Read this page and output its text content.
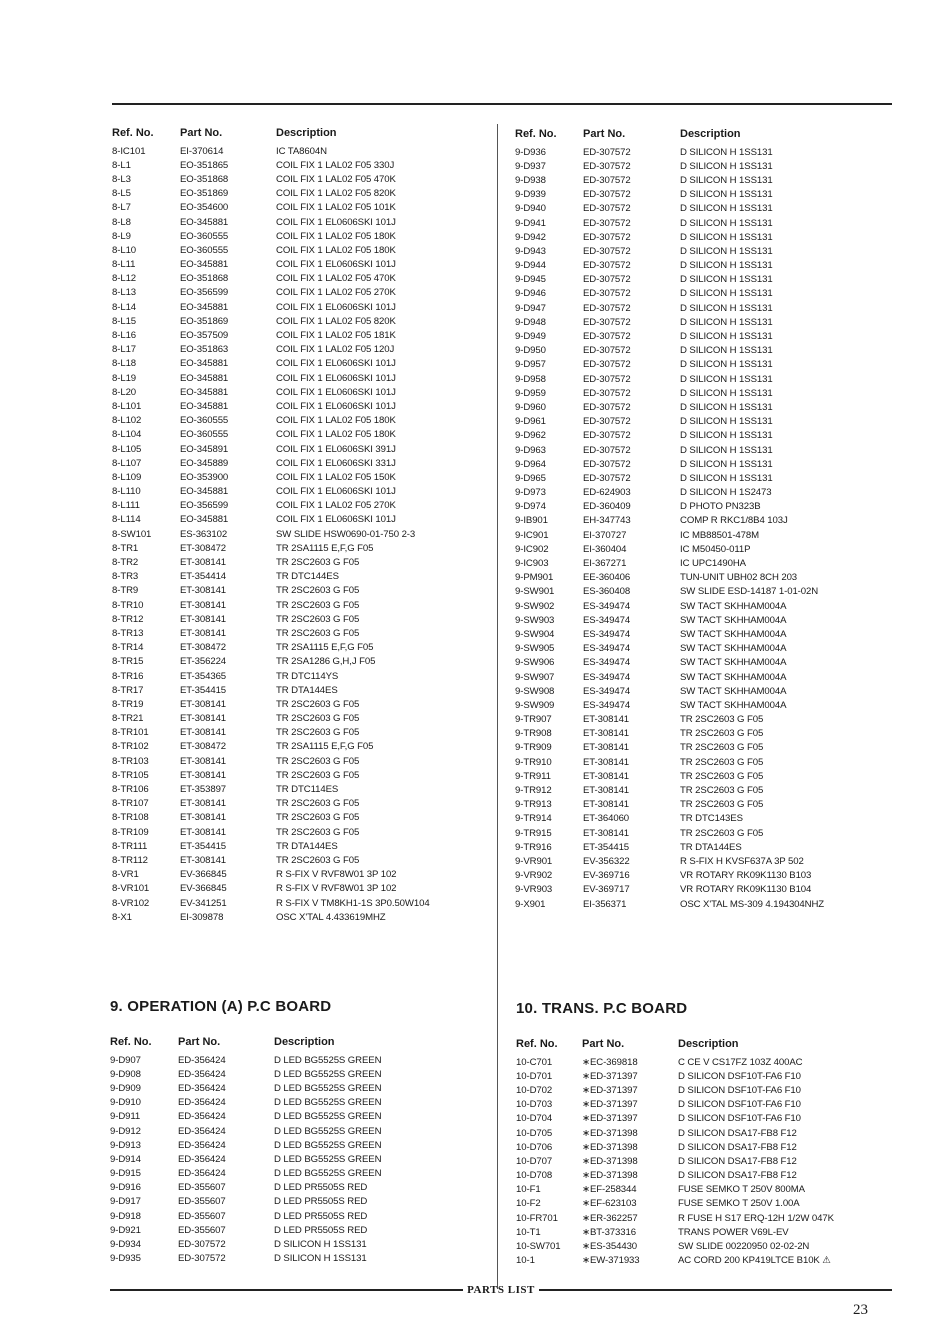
Ref. No.	Part No.	Description
8-IC101	EI-370614	IC TA8604N
8-L1	EO-351865	COIL FIX 1 LAL02 F05 330J
8-L3	EO-351868	COIL FIX 1 LAL02 F05 470K
8-L5	EO-351869	COIL FIX 1 LAL02 F05 820K
8-L7	EO-354600	COIL FIX 1 LAL02 F05 101K
8-L8	EO-345881	COIL FIX 1 EL0606SKI 101J
8-L9	EO-360555	COIL FIX 1 LAL02 F05 180K
8-L10	EO-360555	COIL FIX 1 LAL02 F05 180K
8-L11	EO-345881	COIL FIX 1 EL0606SKI 101J
8-L12	EO-351868	COIL FIX 1 LAL02 F05 470K
8-L13	EO-356599	COIL FIX 1 LAL02 F05 270K
8-L14	EO-345881	COIL FIX 1 EL0606SKI 101J
8-L15	EO-351869	COIL FIX 1 LAL02 F05 820K
8-L16	EO-357509	COIL FIX 1 LAL02 F05 181K
8-L17	EO-351863	COIL FIX 1 LAL02 F05 120J
8-L18	EO-345881	COIL FIX 1 EL0606SKI 101J
8-L19	EO-345881	COIL FIX 1 EL0606SKI 101J
8-L20	EO-345881	COIL FIX 1 EL0606SKI 101J
8-L101	EO-345881	COIL FIX 1 EL0606SKI 101J
8-L102	EO-360555	COIL FIX 1 LAL02 F05 180K
8-L104	EO-360555	COIL FIX 1 LAL02 F05 180K
8-L105	EO-345891	COIL FIX 1 EL0606SKI 391J
8-L107	EO-345889	COIL FIX 1 EL0606SKI 331J
8-L109	EO-353900	COIL FIX 1 LAL02 F05 150K
8-L110	EO-345881	COIL FIX 1 EL0606SKI 101J
8-L111	EO-356599	COIL FIX 1 LAL02 F05 270K
8-L114	EO-345881	COIL FIX 1 EL0606SKI 101J
8-SW101	ES-363102	SW SLIDE HSW0690-01-750 2-3
8-TR1	ET-308472	TR 2SA1115 E,F,G F05
8-TR2	ET-308141	TR 2SC2603 G F05
8-TR3	ET-354414	TR DTC144ES
8-TR9	ET-308141	TR 2SC2603 G F05
8-TR10	ET-308141	TR 2SC2603 G F05
8-TR12	ET-308141	TR 2SC2603 G F05
8-TR13	ET-308141	TR 2SC2603 G F05
8-TR14	ET-308472	TR 2SA1115 E,F,G F05
8-TR15	ET-356224	TR 2SA1286 G,H,J F05
8-TR16	ET-354365	TR DTC114YS
8-TR17	ET-354415	TR DTA144ES
8-TR19	ET-308141	TR 2SC2603 G F05
8-TR21	ET-308141	TR 2SC2603 G F05
8-TR101	ET-308141	TR 2SC2603 G F05
8-TR102	ET-308472	TR 2SA1115 E,F,G F05
8-TR103	ET-308141	TR 2SC2603 G F05
8-TR105	ET-308141	TR 2SC2603 G F05
8-TR106	ET-353897	TR DTC114ES
8-TR107	ET-308141	TR 2SC2603 G F05
8-TR108	ET-308141	TR 2SC2603 G F05
8-TR109	ET-308141	TR 2SC2603 G F05
8-TR111	ET-354415	TR DTA144ES
8-TR112	ET-308141	TR 2SC2603 G F05
8-VR1	EV-366845	R S-FIX V RVF8W01 3P 102
8-VR101	EV-366845	R S-FIX V RVF8W01 3P 102
8-VR102	EV-341251	R S-FIX V TM8KH1-1S 3P0.50W104
8-X1	EI-309878	OSC X'TAL 4.433619MHZ
Ref. No.	Part No.	Description
9-D936	ED-307572	D SILICON H 1SS131
9-D937	ED-307572	D SILICON H 1SS131
9-D938	ED-307572	D SILICON H 1SS131
9-D939	ED-307572	D SILICON H 1SS131
9-D940	ED-307572	D SILICON H 1SS131
9-D941	ED-307572	D SILICON H 1SS131
9-D942	ED-307572	D SILICON H 1SS131
9-D943	ED-307572	D SILICON H 1SS131
9-D944	ED-307572	D SILICON H 1SS131
9-D945	ED-307572	D SILICON H 1SS131
9-D946	ED-307572	D SILICON H 1SS131
9-D947	ED-307572	D SILICON H 1SS131
9-D948	ED-307572	D SILICON H 1SS131
9-D949	ED-307572	D SILICON H 1SS131
9-D950	ED-307572	D SILICON H 1SS131
9-D957	ED-307572	D SILICON H 1SS131
9-D958	ED-307572	D SILICON H 1SS131
9-D959	ED-307572	D SILICON H 1SS131
9-D960	ED-307572	D SILICON H 1SS131
9-D961	ED-307572	D SILICON H 1SS131
9-D962	ED-307572	D SILICON H 1SS131
9-D963	ED-307572	D SILICON H 1SS131
9-D964	ED-307572	D SILICON H 1SS131
9-D965	ED-307572	D SILICON H 1SS131
9-D973	ED-624903	D SILICON H 1S2473
9-D974	ED-360409	D PHOTO PN323B
9-IB901	EH-347743	COMP R RKC1/8B4 103J
9-IC901	EI-370727	IC MB88501-478M
9-IC902	EI-360404	IC M50450-011P
9-IC903	EI-367271	IC UPC1490HA
9-PM901	EE-360406	TUN-UNIT UBH02 8CH 203
9-SW901	ES-360408	SW SLIDE ESD-14187 1-01-02N
9-SW902	ES-349474	SW TACT SKHHAM004A
9-SW903	ES-349474	SW TACT SKHHAM004A
9-SW904	ES-349474	SW TACT SKHHAM004A
9-SW905	ES-349474	SW TACT SKHHAM004A
9-SW906	ES-349474	SW TACT SKHHAM004A
9-SW907	ES-349474	SW TACT SKHHAM004A
9-SW908	ES-349474	SW TACT SKHHAM004A
9-SW909	ES-349474	SW TACT SKHHAM004A
9-TR907	ET-308141	TR 2SC2603 G F05
9-TR908	ET-308141	TR 2SC2603 G F05
9-TR909	ET-308141	TR 2SC2603 G F05
9-TR910	ET-308141	TR 2SC2603 G F05
9-TR911	ET-308141	TR 2SC2603 G F05
9-TR912	ET-308141	TR 2SC2603 G F05
9-TR913	ET-308141	TR 2SC2603 G F05
9-TR914	ET-364060	TR DTC143ES
9-TR915	ET-308141	TR 2SC2603 G F05
9-TR916	ET-354415	TR DTA144ES
9-VR901	EV-356322	R S-FIX H KVSF637A 3P 502
9-VR902	EV-369716	VR ROTARY RK09K1130 B103
9-VR903	EV-369717	VR ROTARY RK09K1130 B104
9-X901	EI-356371	OSC X'TAL MS-309 4.194304NHZ
9. OPERATION (A) P.C BOARD
Ref. No.	Part No.	Description
9-D907	ED-356424	D LED BG5525S GREEN
9-D908	ED-356424	D LED BG5525S GREEN
9-D909	ED-356424	D LED BG5525S GREEN
9-D910	ED-356424	D LED BG5525S GREEN
9-D911	ED-356424	D LED BG5525S GREEN
9-D912	ED-356424	D LED BG5525S GREEN
9-D913	ED-356424	D LED BG5525S GREEN
9-D914	ED-356424	D LED BG5525S GREEN
9-D915	ED-356424	D LED BG5525S GREEN
9-D916	ED-355607	D LED PR5505S RED
9-D917	ED-355607	D LED PR5505S RED
9-D918	ED-355607	D LED PR5505S RED
9-D921	ED-355607	D LED PR5505S RED
9-D934	ED-307572	D SILICON H 1SS131
9-D935	ED-307572	D SILICON H 1SS131
10. TRANS. P.C BOARD
Ref. No.	Part No.	Description
10-C701	∗EC-369818	C CE V CS17FZ 103Z 400AC
10-D701	∗ED-371397	D SILICON DSF10T-FA6 F10
10-D702	∗ED-371397	D SILICON DSF10T-FA6 F10
10-D703	∗ED-371397	D SILICON DSF10T-FA6 F10
10-D704	∗ED-371397	D SILICON DSF10T-FA6 F10
10-D705	∗ED-371398	D SILICON DSA17-FB8 F12
10-D706	∗ED-371398	D SILICON DSA17-FB8 F12
10-D707	∗ED-371398	D SILICON DSA17-FB8 F12
10-D708	∗ED-371398	D SILICON DSA17-FB8 F12
10-F1	∗EF-258344	FUSE SEMKO T 250V 800MA
10-F2	∗EF-623103	FUSE SEMKO T 250V 1.00A
10-FR701	∗ER-362257	R FUSE H S17 ERQ-12H 1/2W 047K
10-T1	∗BT-373316	TRANS POWER V69L-EV
10-SW701	∗ES-354430	SW SLIDE 00220950 02-02-2N
10-1	∗EW-371933	AC CORD 200 KP419LTCE B10K ⚠
PARTS LIST
23
